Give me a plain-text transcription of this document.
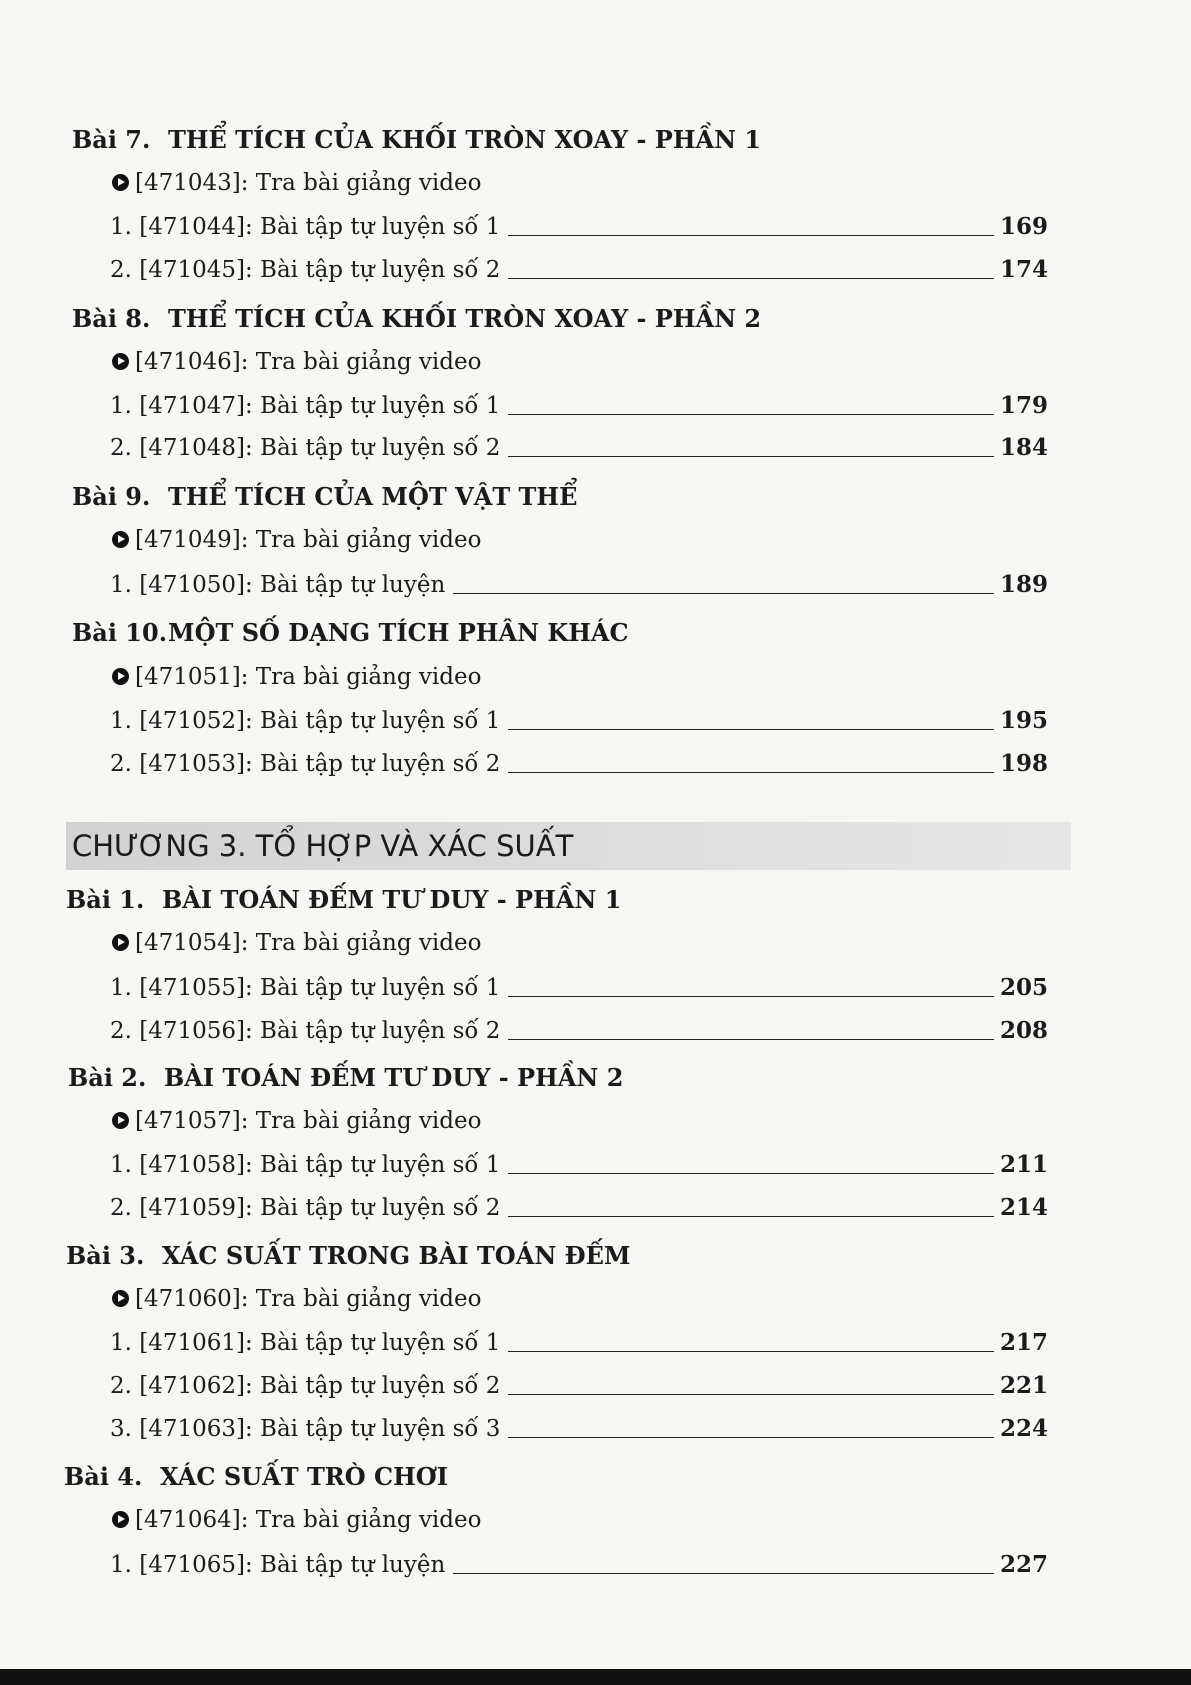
Bài 7. THỂ TÍCH CỦA KHỐI TRÒN XOAY - PHẦN 1
[471043]: Tra bài giảng video
1. [471044]: Bài tập tự luyện số 1	169
2. [471045]: Bài tập tự luyện số 2	174
Bài 8. THỂ TÍCH CỦA KHỐI TRÒN XOAY - PHẦN 2
[471046]: Tra bài giảng video
1. [471047]: Bài tập tự luyện số 1	179
2. [471048]: Bài tập tự luyện số 2	184
Bài 9. THỂ TÍCH CỦA MỘT VẬT THỂ
[471049]: Tra bài giảng video
1. [471050]: Bài tập tự luyện	189
Bài 10.MỘT SỐ DẠNG TÍCH PHÂN KHÁC
[471051]: Tra bài giảng video
1. [471052]: Bài tập tự luyện số 1	195
2. [471053]: Bài tập tự luyện số 2	198
Bài 1. BÀI TOÁN ĐẾM TƯ DUY - PHẦN 1
[471054]: Tra bài giảng video
1. [471055]: Bài tập tự luyện số 1	205
2. [471056]: Bài tập tự luyện số 2	208
Bài 2. BÀI TOÁN ĐẾM TƯ DUY - PHẦN 2
[471057]: Tra bài giảng video
1. [471058]: Bài tập tự luyện số 1	211
2. [471059]: Bài tập tự luyện số 2	214
Bài 3. XÁC SUẤT TRONG BÀI TOÁN ĐẾM
[471060]: Tra bài giảng video
1. [471061]: Bài tập tự luyện số 1	217
2. [471062]: Bài tập tự luyện số 2	221
3. [471063]: Bài tập tự luyện số 3	224
Bài 4. XÁC SUẤT TRÒ CHƠI
[471064]: Tra bài giảng video
1. [471065]: Bài tập tự luyện	227
CHƯƠNG 3. TỔ HỢP VÀ XÁC SUẤT
